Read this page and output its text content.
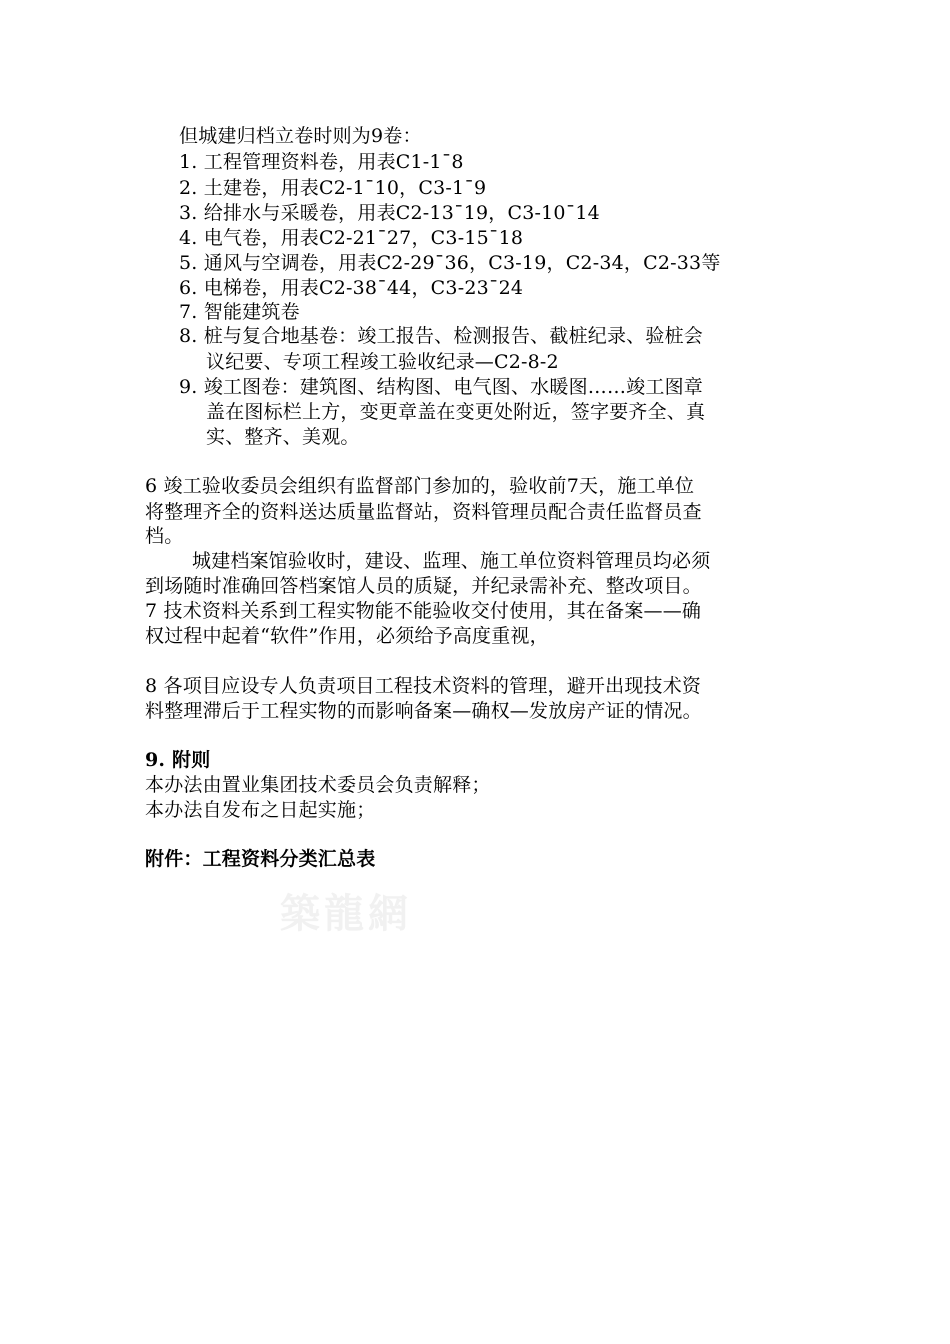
但城建归档立卷时则为9卷：
1. 工程管理资料卷，用表C1-1¯8
2. 土建卷，用表C2-1¯10，C3-1¯9
3. 给排水与采暖卷，用表C2-13¯19，C3-10¯14
4. 电气卷，用表C2-21¯27，C3-15¯18
5. 通风与空调卷，用表C2-29¯36，C3-19，C2-34，C2-33等
6. 电梯卷，用表C2-38¯44，C3-23¯24
7. 智能建筑卷
8. 桩与复合地基卷：竣工报告、检测报告、截桩纪录、验桩会
议纪要、专项工程竣工验收纪录—C2-8-2
9. 竣工图卷：建筑图、结构图、电气图、水暖图……竣工图章
盖在图标栏上方，变更章盖在变更处附近，签字要齐全、真
实、整齐、美观。
6 竣工验收委员会组织有监督部门参加的，验收前7天，施工单位
将整理齐全的资料送达质量监督站，资料管理员配合责任监督员查
档。
城建档案馆验收时，建设、监理、施工单位资料管理员均必须
到场随时准确回答档案馆人员的质疑，并纪录需补充、整改项目。
7 技术资料关系到工程实物能不能验收交付使用，其在备案——确
权过程中起着“软件”作用，必须给予高度重视，
8 各项目应设专人负责项目工程技术资料的管理，避开出现技术资
料整理滞后于工程实物的而影响备案—确权—发放房产证的情况。
9. 附则
本办法由置业集团技术委员会负责解释；
本办法自发布之日起实施；
附件：工程资料分类汇总表
築龍網
